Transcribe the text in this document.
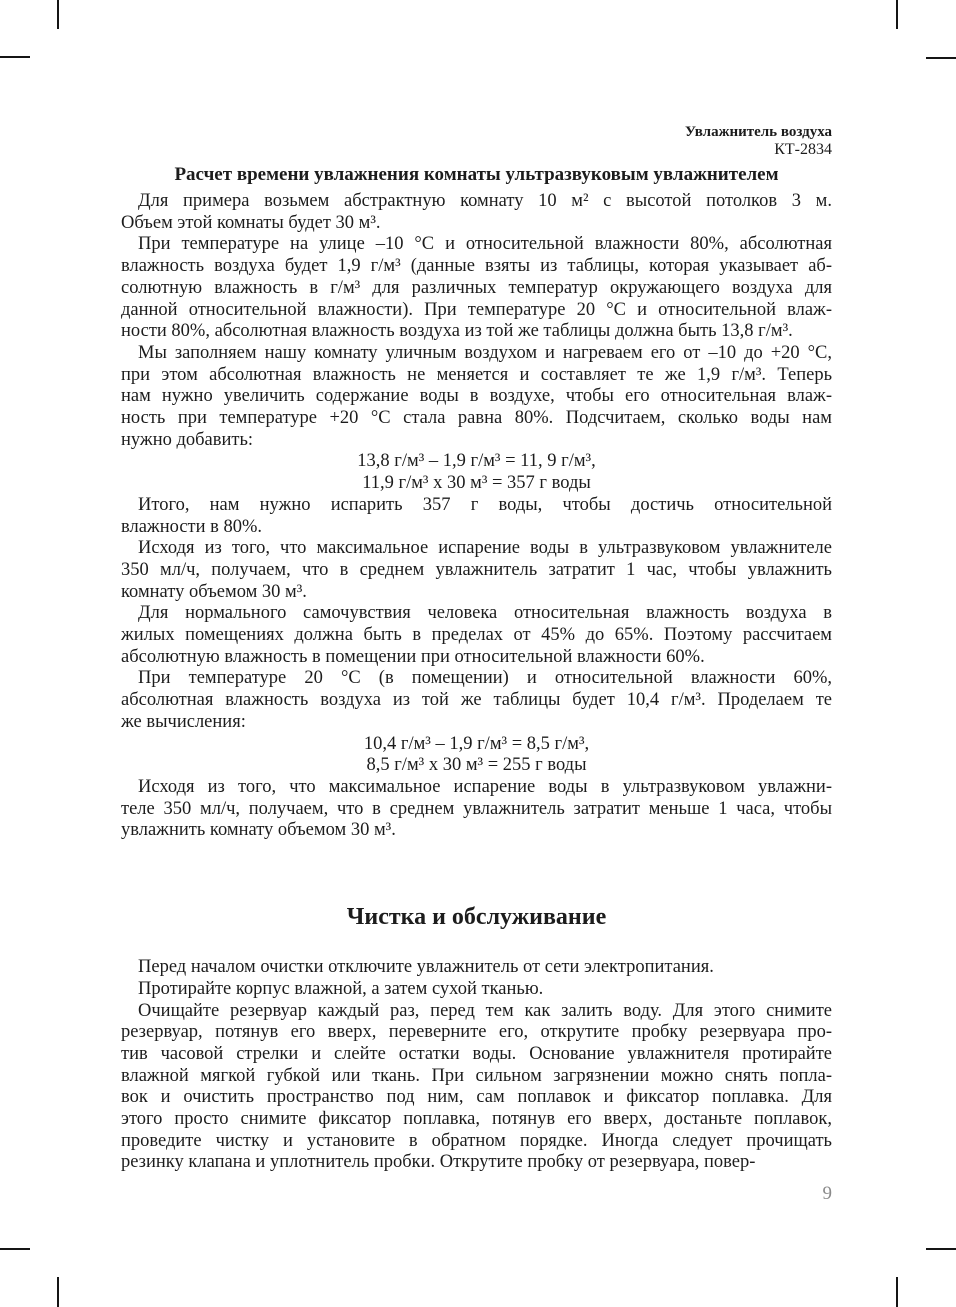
Увлажнитель воздуха
КТ-2834
Расчет времени увлажнения комнаты ультразвуковым увлажнителем
Для примера возьмем абстрактную комнату 10 м² с высотой потолков 3 м.
Объем этой комнаты будет 30 м³.
При температуре на улице –10 °С и относительной влажности 80%, абсолютная
влажность воздуха будет 1,9 г/м³ (данные взяты из таблицы, которая указывает аб-
солютную влажность в г/м³ для различных температур окружающего воздуха для
данной относительной влажности). При температуре 20 °С и относительной влаж-
ности 80%, абсолютная влажность воздуха из той же таблицы должна быть 13,8 г/м³.
Мы заполняем нашу комнату уличным воздухом и нагреваем его от –10 до +20 °С,
при этом абсолютная влажность не меняется и составляет те же 1,9 г/м³. Теперь
нам нужно увеличить содержание воды в воздухе, чтобы его относительная влаж-
ность при температуре +20 °С стала равна 80%. Подсчитаем, сколько воды нам
нужно добавить:
13,8 г/м³ – 1,9 г/м³ = 11, 9 г/м³,
11,9 г/м³ х 30 м³ = 357 г воды
Итого, нам нужно испарить 357 г воды, чтобы достичь относительной
влажности в 80%.
Исходя из того, что максимальное испарение воды в ультразвуковом увлажнителе
350 мл/ч, получаем, что в среднем увлажнитель затратит 1 час, чтобы увлажнить
комнату объемом 30 м³.
Для нормального самочувствия человека относительная влажность воздуха в
жилых помещениях должна быть в пределах от 45% до 65%. Поэтому рассчитаем
абсолютную влажность в помещении при относительной влажности 60%.
При температуре 20 °С (в помещении) и относительной влажности 60%,
абсолютная влажность воздуха из той же таблицы будет 10,4 г/м³. Проделаем те
же вычисления:
10,4 г/м³ – 1,9 г/м³ = 8,5 г/м³,
8,5 г/м³ х 30 м³ = 255 г воды
Исходя из того, что максимальное испарение воды в ультразвуковом увлажни-
теле 350 мл/ч, получаем, что в среднем увлажнитель затратит меньше 1 часа, чтобы
увлажнить комнату объемом 30 м³.
Чистка и обслуживание
Перед началом очистки отключите увлажнитель от сети электропитания.
Протирайте корпус влажной, а затем сухой тканью.
Очищайте резервуар каждый раз, перед тем как залить воду. Для этого снимите
резервуар, потянув его вверх, переверните его, открутите пробку резервуара про-
тив часовой стрелки и слейте остатки воды. Основание увлажнителя протирайте
влажной мягкой губкой или ткань. При сильном загрязнении можно снять попла-
вок и очистить пространство под ним, сам поплавок и фиксатор поплавка. Для
этого просто снимите фиксатор поплавка, потянув его вверх, достаньте поплавок,
проведите чистку и установите в обратном порядке. Иногда следует прочищать
резинку клапана и уплотнитель пробки. Открутите пробку от резервуара, повер-
9
